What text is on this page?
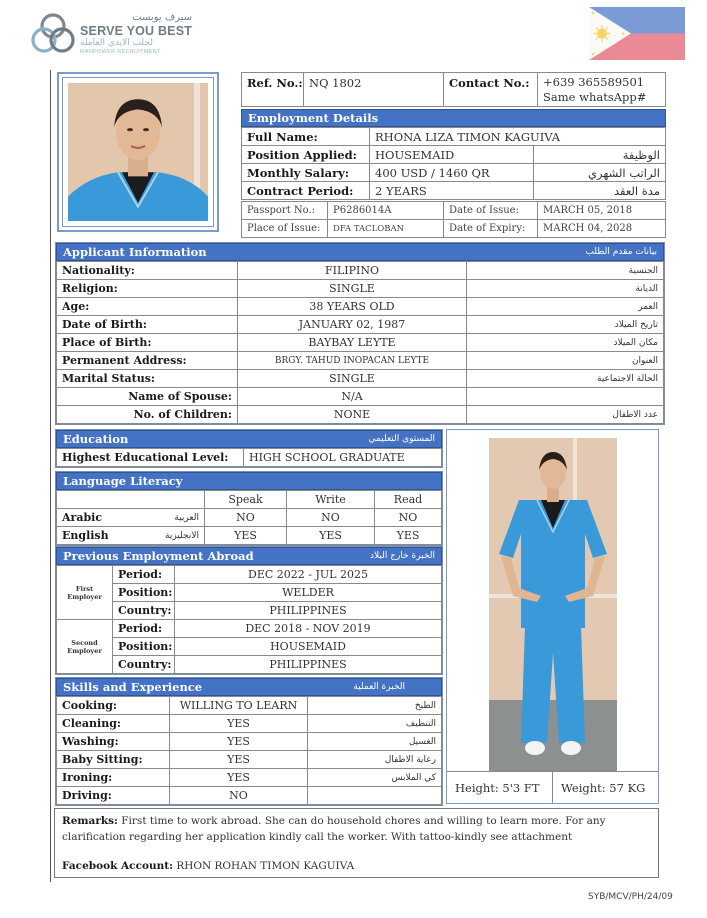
سيرف يوبست
SERVE YOU BEST
لجلب الايدي العاملة
MANPOWER RECRUITMENT
Ref. No.:	NQ 1802	Contact No.:	+639 365589501
Same whatsApp#
Employment Details
Full Name:	RHONA LIZA TIMON KAGUIVA	
Position Applied:	HOUSEMAID	الوظيفة
Monthly Salary:	400 USD / 1460 QR	الراتب الشهري
Contract Period:	2 YEARS	مدة العقد
Passport No.:	P6286014A	Date of Issue:	MARCH 05, 2018
Place of Issue:	DFA TACLOBAN	Date of Expiry:	MARCH 04, 2028
Applicant Information	بيانات مقدم الطلب
Nationality:	FILIPINO	الجنسية
Religion:	SINGLE	الديانة
Age:	38 YEARS OLD	العمر
Date of Birth:	JANUARY 02, 1987	تاريخ الميلاد
Place of Birth:	BAYBAY LEYTE	مكان الميلاد
Permanent Address:	BRGY. TAHUD INOPACAN LEYTE	العنوان
Marital Status:	SINGLE	الحالة الاجتماعية
Name of Spouse:	N/A	
No. of Children:	NONE	عدد الاطفال
Education	المستوى التعليمي
Highest Educational Level:	HIGH SCHOOL GRADUATE
Language Literacy
	Speak	Write	Read

Arabic العربية	NO	NO	NO

English الانجليزية	YES	YES	YES
Previous Employment Abroad	الخبرة خارج البلاد
First Employer	Period:	DEC 2022 - JUL 2025
	Position:	WELDER
	Country:	PHILIPPINES
Second Employer	Period:	DEC 2018 - NOV 2019
	Position:	HOUSEMAID
	Country:	PHILIPPINES
Skills and Experience	الخبرة العملية
Cooking:	WILLING TO LEARN	الطبخ
Cleaning:	YES	التنظيف
Washing:	YES	الغسيل
Baby Sitting:	YES	رعاية الاطفال
Ironing:	YES	كي الملابس
Driving:	NO	
Height: 5'3 FT	Weight: 57 KG
Remarks: First time to work abroad. She can do household chores and willing to learn more. For any clarification regarding her application kindly call the worker. With tattoo-kindly see attachment
Facebook Account: RHON ROHAN TIMON KAGUIVA
SYB/MCV/PH/24/09
